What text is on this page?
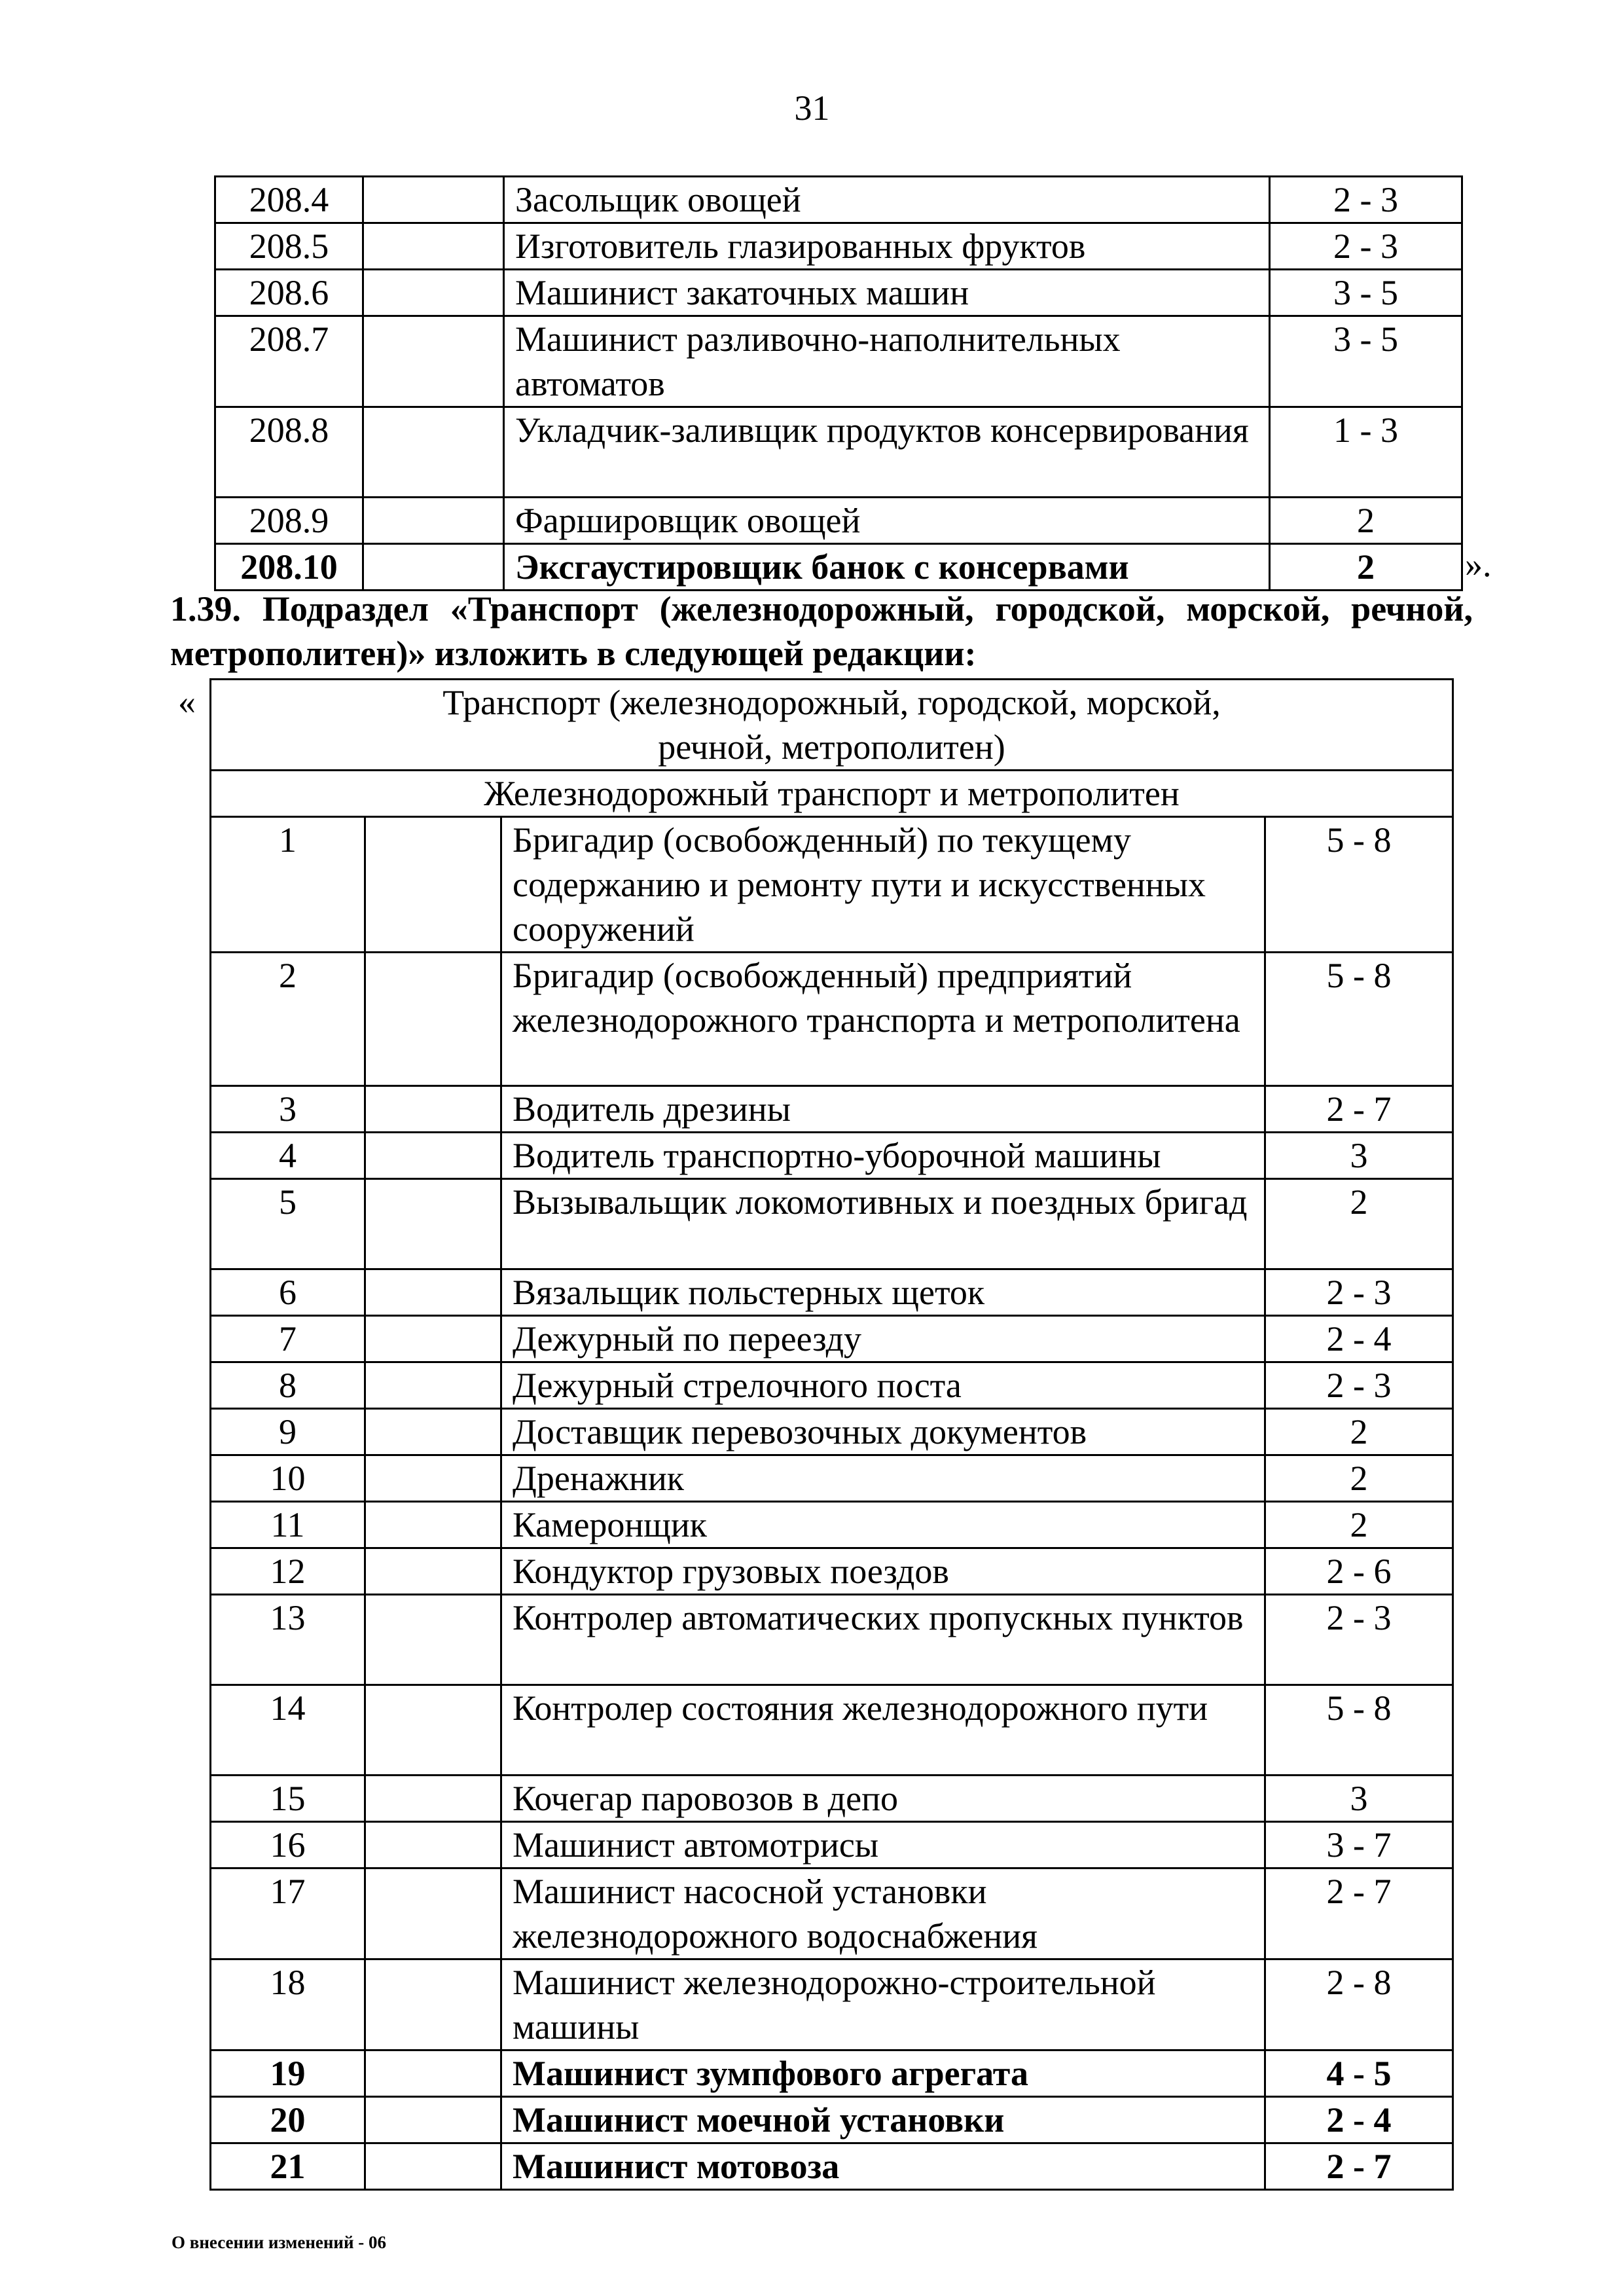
31
208.4		Засольщик овощей	2 - 3
208.5		Изготовитель глазированных фруктов	2 - 3
208.6		Машинист закаточных машин	3 - 5
208.7		Машинист разливочно-наполнительных автоматов	3 - 5
208.8		Укладчик-заливщик продуктов консервирования	1 - 3
208.9		Фаршировщик овощей	2
208.10		Эксгаустировщик банок с консервами	2	».
1.39. Подраздел «Транспорт (железнодорожный, городской, морской, речной,
метрополитен)» изложить в следующей редакции:
«	Транспорт (железнодорожный, городской, морской, речной, метрополитен)			
Железнодорожный транспорт и метрополитен			
1		Бригадир (освобожденный) по текущему содержанию и ремонту пути и искусственных сооружений	5 - 8
2		Бригадир (освобожденный) предприятий железнодорожного транспорта и метрополитена	5 - 8
3		Водитель дрезины	2 - 7
4		Водитель транспортно-уборочной машины	3
5		Вызывальщик локомотивных и поездных бригад	2
6		Вязальщик польстерных щеток	2 - 3
7		Дежурный по переезду	2 - 4
8		Дежурный стрелочного поста	2 - 3
9		Доставщик перевозочных документов	2
10		Дренажник	2
11		Камеронщик	2
12		Кондуктор грузовых поездов	2 - 6
13		Контролер автоматических пропускных пунктов	2 - 3
14		Контролер состояния железнодорожного пути	5 - 8
15		Кочегар паровозов в депо	3
16		Машинист автомотрисы	3 - 7
17		Машинист насосной установки железнодорожного водоснабжения	2 - 7
18		Машинист железнодорожно-строительной машины	2 - 8
19		Машинист зумпфового агрегата	4 - 5
20		Машинист моечной установки	2 - 4
21		Машинист мотовоза	2 - 7
О внесении изменений - 06
